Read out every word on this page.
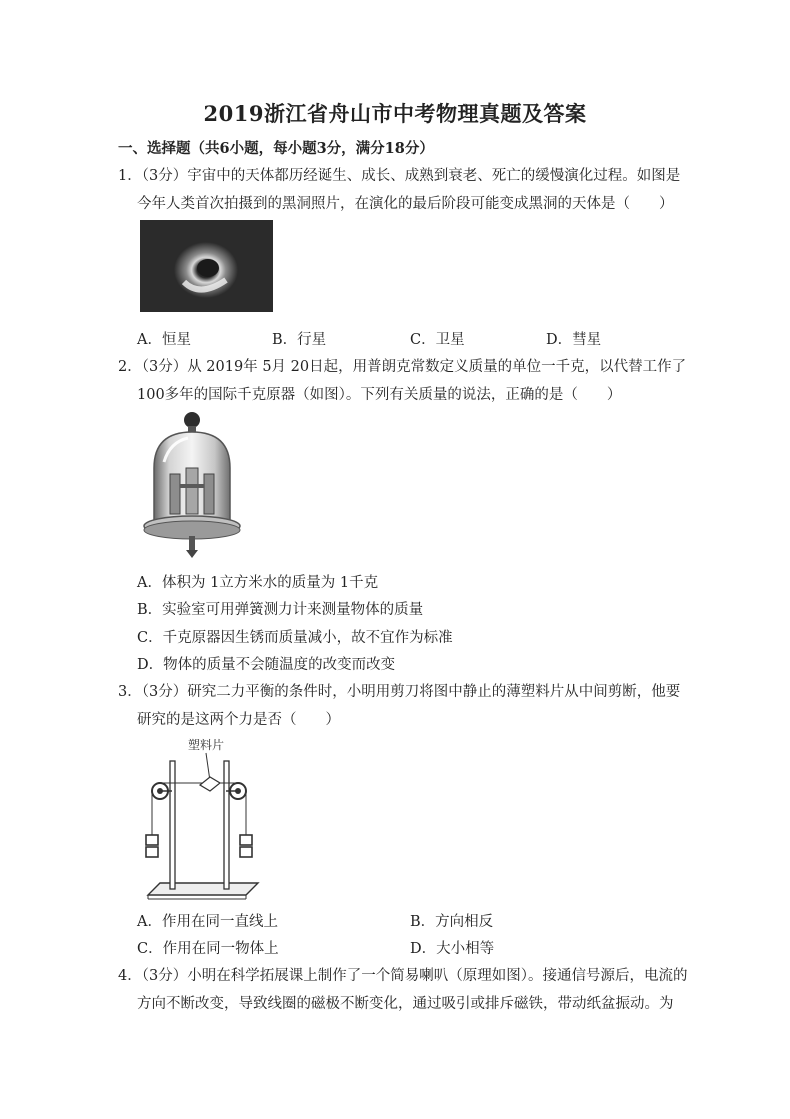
2019浙江省舟山市中考物理真题及答案
一、选择题（共6小题，每小题3分，满分18分）
1．（3分）宇宙中的天体都历经诞生、成长、成熟到衰老、死亡的缓慢演化过程。如图是
今年人类首次拍摄到的黑洞照片，在演化的最后阶段可能变成黑洞的天体是（　　）
A．恒星	B．行星	C．卫星	D．彗星
2．（3分）从 2019年 5月 20日起，用普朗克常数定义质量的单位一千克，以代替工作了
100多年的国际千克原器（如图）。下列有关质量的说法，正确的是（　　）
A．体积为 1立方米水的质量为 1千克
B．实验室可用弹簧测力计来测量物体的质量
C．千克原器因生锈而质量减小，故不宜作为标准
D．物体的质量不会随温度的改变而改变
3．（3分）研究二力平衡的条件时，小明用剪刀将图中静止的薄塑料片从中间剪断，他要
研究的是这两个力是否（　　）
塑料片
A．作用在同一直线上	B．方向相反
C．作用在同一物体上	D．大小相等
4．（3分）小明在科学拓展课上制作了一个简易喇叭（原理如图）。接通信号源后，电流的
方向不断改变，导致线圈的磁极不断变化，通过吸引或排斥磁铁，带动纸盆振动。为
